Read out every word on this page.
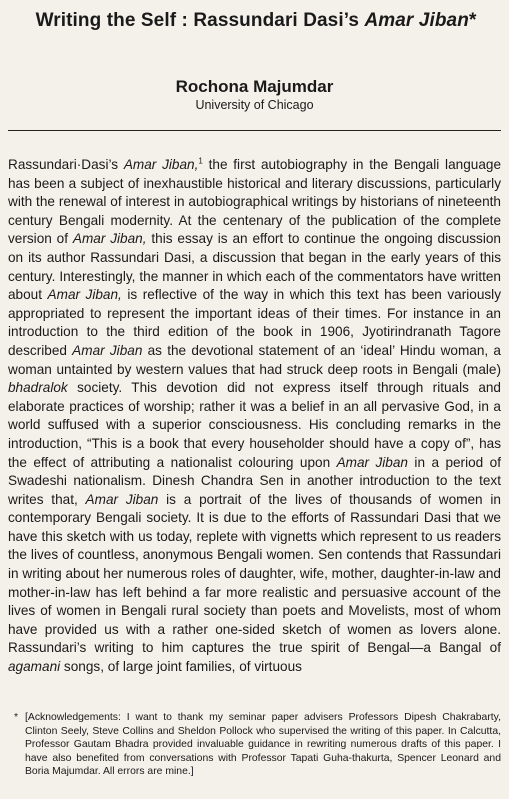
Writing the Self : Rassundari Dasi’s Amar Jiban*
Rochona Majumdar
University of Chicago

Rassundari·Dasi’s Amar Jiban,$^1$ the first autobiography in the Bengali language has been a subject of inexhaustible historical and literary discussions, particularly with the renewal of interest in autobiographical writings by historians of nineteenth century Bengali modernity. At the centenary of the publication of the complete version of Amar Jiban, this essay is an effort to continue the ongoing discussion on its author Rassundari Dasi, a discussion that began in the early years of this century. Interestingly, the manner in which each of the commentators have written about Amar Jiban, is reflective of the way in which this text has been variously appropriated to represent the important ideas of their times. For instance in an introduction to the third edition of the book in 1906, Jyotirindranath Tagore described Amar Jiban as the devotional statement of an ‘ideal’ Hindu woman, a woman untainted by western values that had struck deep roots in Bengali (male) bhadralok society. This devotion did not express itself through rituals and elaborate practices of worship; rather it was a belief in an all pervasive God, in a world suffused with a superior consciousness. His concluding remarks in the introduction, “This is a book that every householder should have a copy of”, has the effect of attributing a nationalist colouring upon Amar Jiban in a period of Swadeshi nationalism. Dinesh Chandra Sen in another introduction to the text writes that, Amar Jiban is a portrait of the lives of thousands of women in contemporary Bengali society. It is due to the efforts of Rassundari Dasi that we have this sketch with us today, replete with vignetts which represent to us readers the lives of countless, anonymous Bengali women. Sen contends that Rassundari in writing about her numerous roles of daughter, wife, mother, daughter-in-law and mother-in-law has left behind a far more realistic and persuasive account of the lives of women in Bengali rural society than poets and Movelists, most of whom have provided us with a rather one-sided sketch of women as lovers alone. Rassundari’s writing to him captures the true spirit of Bengal—a Bangal of agamani songs, of large joint families, of virtuous

* [Acknowledgements: I want to thank my seminar paper advisers Professors Dipesh Chakrabarty, Clinton Seely, Steve Collins and Sheldon Pollock who supervised the writing of this paper. In Calcutta, Professor Gautam Bhadra provided invaluable guidance in rewriting numerous drafts of this paper. I have also benefited from conversations with Professor Tapati Guha-thakurta, Spencer Leonard and Boria Majumdar. All errors are mine.]
